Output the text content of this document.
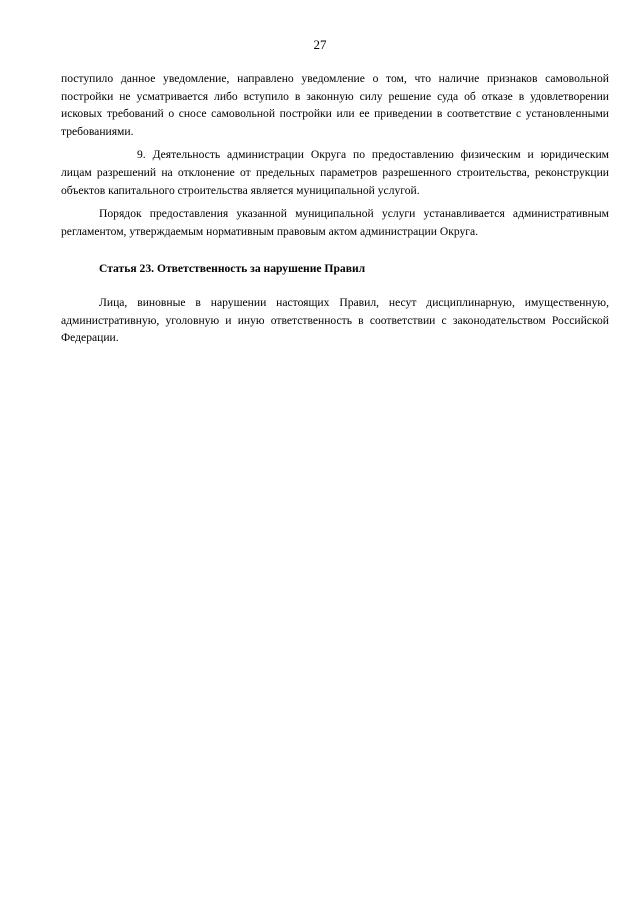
27

поступило данное уведомление, направлено уведомление о том, что наличие признаков самовольной постройки не усматривается либо вступило в законную силу решение суда об отказе в удовлетворении исковых требований о сносе самовольной постройки или ее приведении в соответствие с установленными требованиями.

9. Деятельность администрации Округа по предоставлению физическим и юридическим лицам разрешений на отклонение от предельных параметров разрешенного строительства, реконструкции объектов капитального строительства является муниципальной услугой.

Порядок предоставления указанной муниципальной услуги устанавливается административным регламентом, утверждаемым нормативным правовым актом администрации Округа.

Статья 23. Ответственность за нарушение Правил

Лица, виновные в нарушении настоящих Правил, несут дисциплинарную, имущественную, административную, уголовную и иную ответственность в соответствии с законодательством Российской Федерации.
